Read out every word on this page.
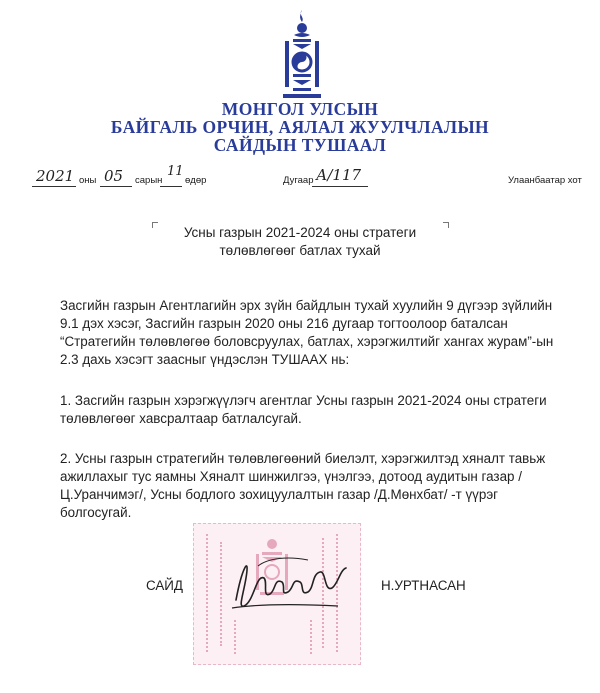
МОНГОЛ УЛСЫН
БАЙГАЛЬ ОРЧИН, АЯЛАЛ ЖУУЛЧЛАЛЫН
САЙДЫН ТУШААЛ
2021 оны 05 сарын
11
өдөр	Дугаар А/117	Улаанбаатар хот
Усны газрын 2021-2024 оны стратеги
төлөвлөгөөг батлах тухай
Засгийн газрын Агентлагийн эрх зүйн байдлын тухай хуулийн 9 дүгээр зүйлийн 9.1 дэх хэсэг, Засгийн газрын 2020 оны 216 дугаар тогтоолоор баталсан “Стратегийн төлөвлөгөө боловсруулах, батлах, хэрэгжилтийг хангах журам”-ын 2.3 дахь хэсэгт заасныг үндэслэн ТУШААХ нь:
1. Засгийн газрын хэрэгжүүлэгч агентлаг Усны газрын 2021-2024 оны стратеги төлөвлөгөөг хавсралтаар батлалсугай.
2. Усны газрын стратегийн төлөвлөгөөний биелэлт, хэрэгжилтэд хяналт тавьж ажиллахыг тус яамны Хяналт шинжилгээ, үнэлгээ, дотоод аудитын газар /Ц.Уранчимэг/, Усны бодлого зохицуулалтын газар /Д.Мөнхбат/ -т үүрэг болгосугай.
САЙД	Н.УРТНАСАН
